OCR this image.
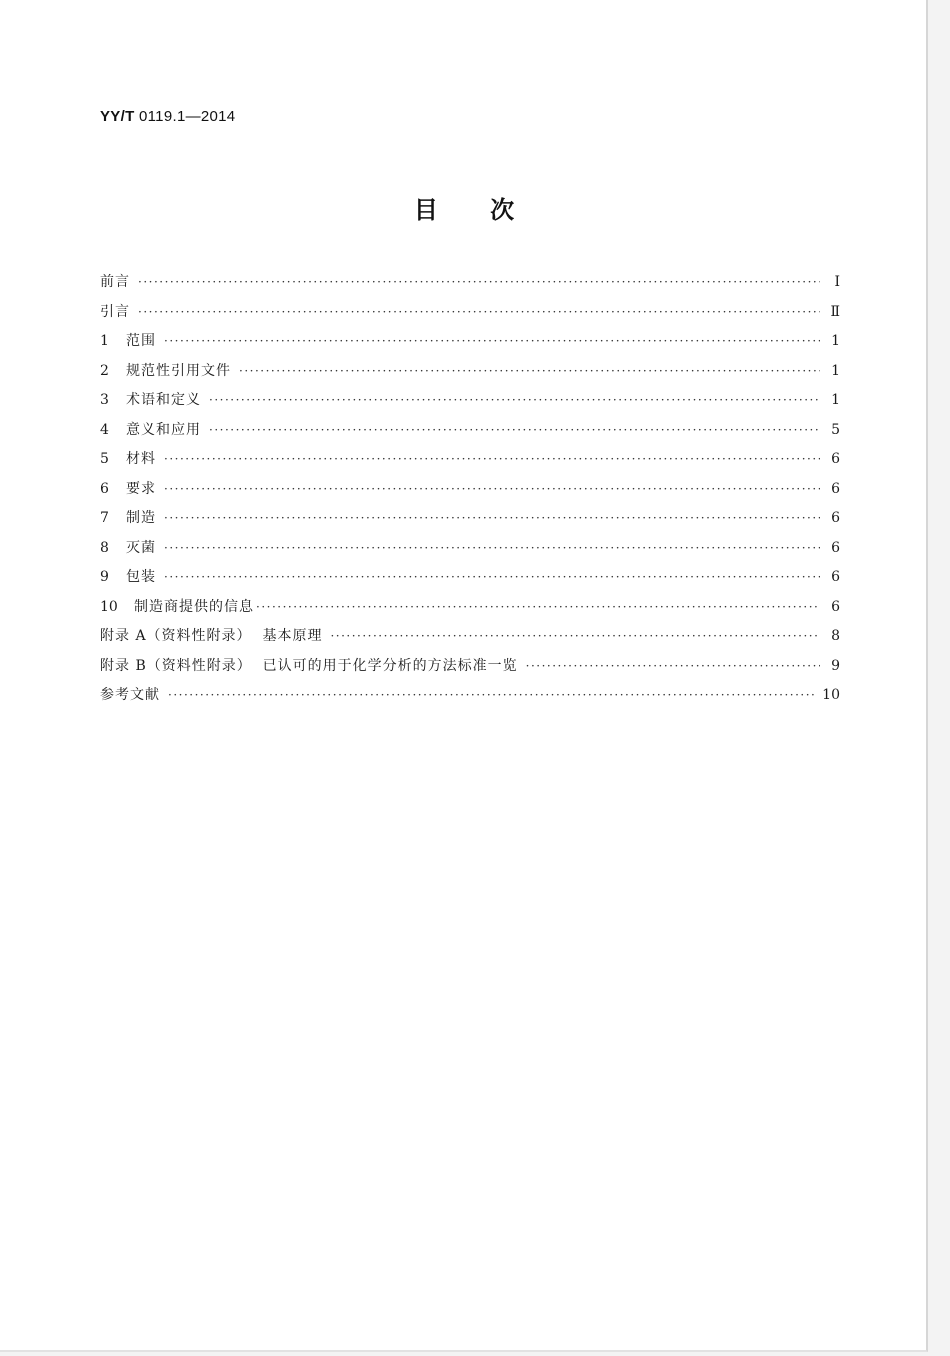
YY/T 0119.1—2014
目 次
前言 ·····	Ⅰ
引言 ·····	Ⅱ
1	范围 ·····	1
2	规范性引用文件 ·····	1
3	术语和定义 ·····	1
4	意义和应用 ·····	5
5	材料 ·····	6
6	要求 ·····	6
7	制造 ·····	6
8	灭菌 ·····	6
9	包装 ·····	6
10	制造商提供的信息 ·····	6
附录 A（资料性附录）  基本原理 ·····	8
附录 B（资料性附录）  已认可的用于化学分析的方法标准一览 ·····	9
参考文献 ·····	10
